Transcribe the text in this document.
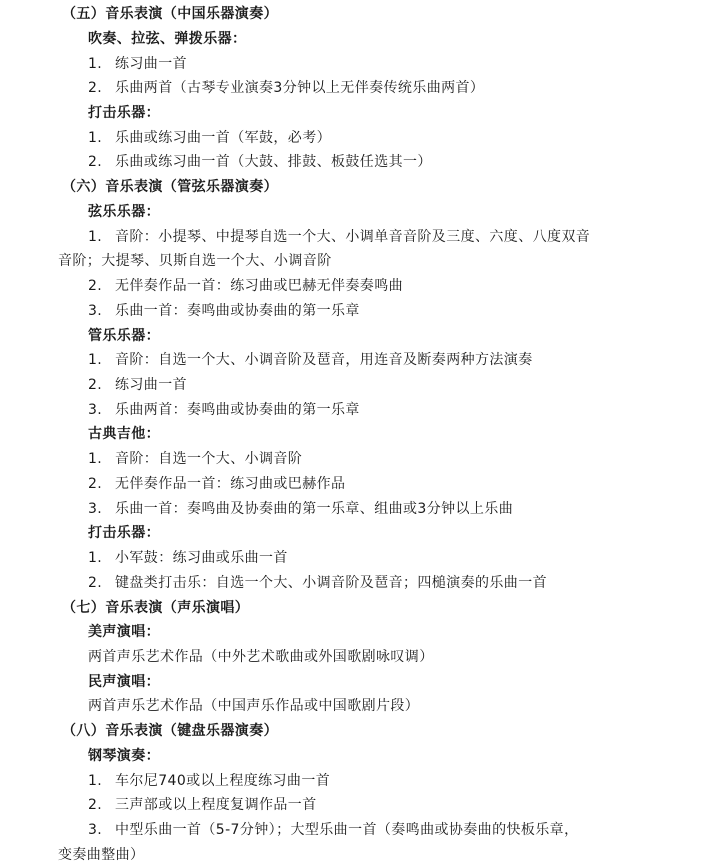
（五）音乐表演（中国乐器演奏）
吹奏、拉弦、弹拨乐器：
1. 练习曲一首
2. 乐曲两首（古琴专业演奏3分钟以上无伴奏传统乐曲两首）
打击乐器：
1. 乐曲或练习曲一首（军鼓，必考）
2. 乐曲或练习曲一首（大鼓、排鼓、板鼓任选其一）
（六）音乐表演（管弦乐器演奏）
弦乐乐器：
1. 音阶：小提琴、中提琴自选一个大、小调单音音阶及三度、六度、八度双音
音阶；大提琴、贝斯自选一个大、小调音阶
2. 无伴奏作品一首：练习曲或巴赫无伴奏奏鸣曲
3. 乐曲一首：奏鸣曲或协奏曲的第一乐章
管乐乐器：
1. 音阶：自选一个大、小调音阶及琶音，用连音及断奏两种方法演奏
2. 练习曲一首
3. 乐曲两首：奏鸣曲或协奏曲的第一乐章
古典吉他：
1. 音阶：自选一个大、小调音阶
2. 无伴奏作品一首：练习曲或巴赫作品
3. 乐曲一首：奏鸣曲及协奏曲的第一乐章、组曲或3分钟以上乐曲
打击乐器：
1. 小军鼓：练习曲或乐曲一首
2. 键盘类打击乐：自选一个大、小调音阶及琶音；四槌演奏的乐曲一首
（七）音乐表演（声乐演唱）
美声演唱：
两首声乐艺术作品（中外艺术歌曲或外国歌剧咏叹调）
民声演唱：
两首声乐艺术作品（中国声乐作品或中国歌剧片段）
（八）音乐表演（键盘乐器演奏）
钢琴演奏：
1. 车尔尼740或以上程度练习曲一首
2. 三声部或以上程度复调作品一首
3. 中型乐曲一首（5-7分钟）；大型乐曲一首（奏鸣曲或协奏曲的快板乐章，
变奏曲整曲）
